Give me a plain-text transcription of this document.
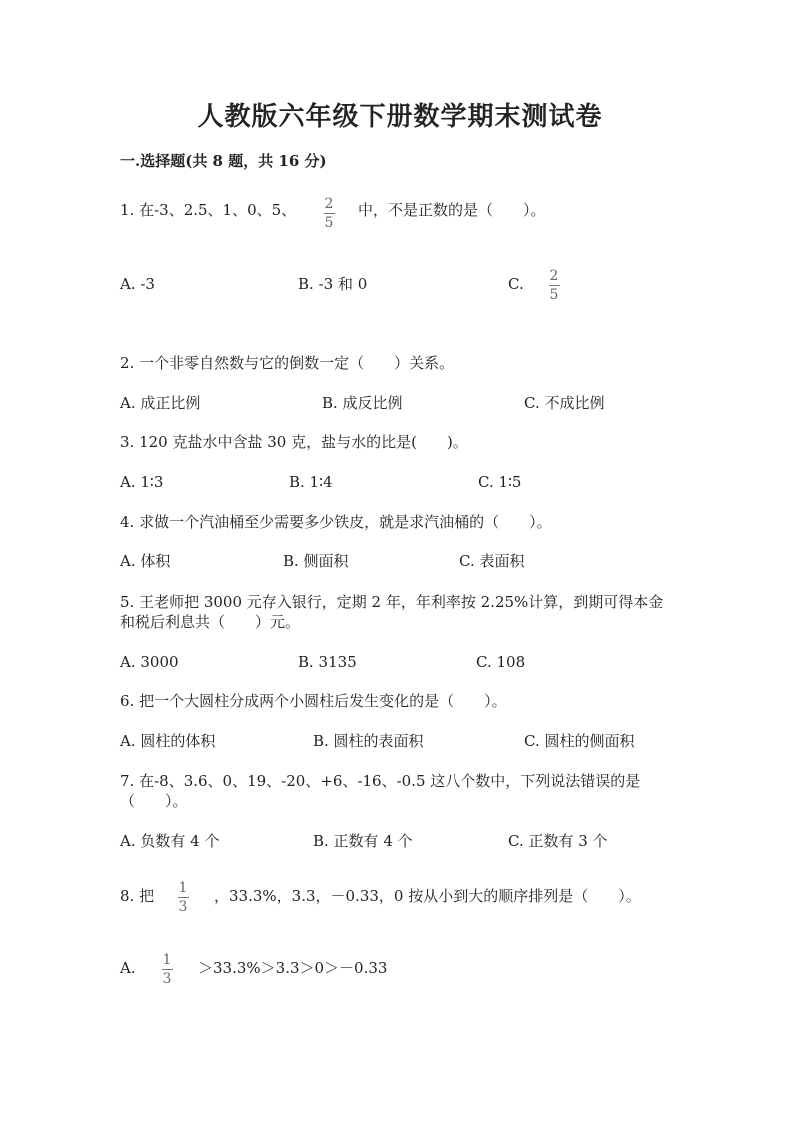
人教版六年级下册数学期末测试卷
一.选择题(共 8 题，共 16 分)
1. 在-3、2.5、1、0、5、 2
5
中，不是正数的是（　　）。
A. -3	B. -3 和 0	C. 2
5
2. 一个非零自然数与它的倒数一定（　　）关系。
A. 成正比例	B. 成反比例	C. 不成比例
3. 120 克盐水中含盐 30 克，盐与水的比是(　　)。
A. 1∶3	B. 1∶4	C. 1∶5
4. 求做一个汽油桶至少需要多少铁皮，就是求汽油桶的（　　）。
A. 体积	B. 侧面积	C. 表面积
5. 王老师把 3000 元存入银行，定期 2 年，年利率按 2.25%计算，到期可得本金
和税后利息共（　　）元。
A. 3000	B. 3135	C. 108
6. 把一个大圆柱分成两个小圆柱后发生变化的是（　　）。
A. 圆柱的体积	B. 圆柱的表面积	C. 圆柱的侧面积
7. 在-8、3.6、0、19、-20、+6、-16、-0.5 这八个数中，下列说法错误的是
（　　）。
A. 负数有 4 个	B. 正数有 4 个	C. 正数有 3 个
8. 把 1
3
，33.3%，3.3，－0.33，0 按从小到大的顺序排列是（　　）。
A. 1
3
＞33.3%＞3.3＞0＞－0.33
